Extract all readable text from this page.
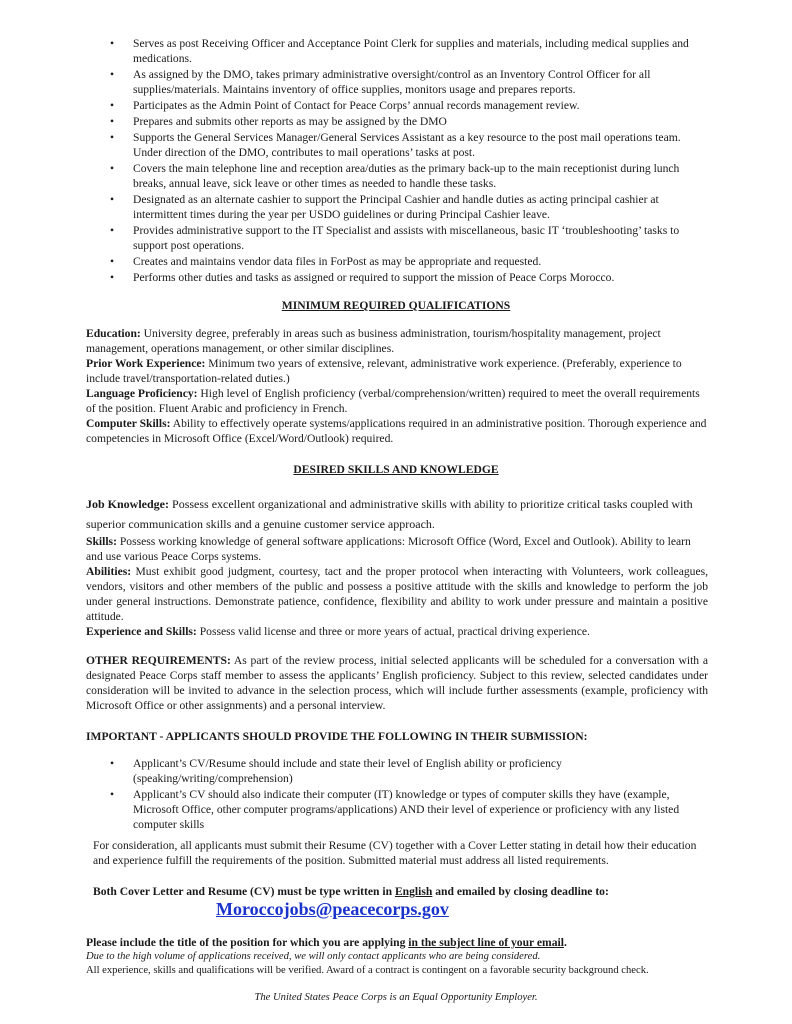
• Serves as post Receiving Officer and Acceptance Point Clerk for supplies and materials, including medical supplies and medications.
• As assigned by the DMO, takes primary administrative oversight/control as an Inventory Control Officer for all supplies/materials. Maintains inventory of office supplies, monitors usage and prepares reports.
• Participates as the Admin Point of Contact for Peace Corps’ annual records management review.
• Prepares and submits other reports as may be assigned by the DMO
• Supports the General Services Manager/General Services Assistant as a key resource to the post mail operations team. Under direction of the DMO, contributes to mail operations’ tasks at post.
• Covers the main telephone line and reception area/duties as the primary back-up to the main receptionist during lunch breaks, annual leave, sick leave or other times as needed to handle these tasks.
• Designated as an alternate cashier to support the Principal Cashier and handle duties as acting principal cashier at intermittent times during the year per USDO guidelines or during Principal Cashier leave.
• Provides administrative support to the IT Specialist and assists with miscellaneous, basic IT ‘troubleshooting’ tasks to support post operations.
• Creates and maintains vendor data files in ForPost as may be appropriate and requested.
• Performs other duties and tasks as assigned or required to support the mission of Peace Corps Morocco.
MINIMUM REQUIRED QUALIFICATIONS

Education: University degree, preferably in areas such as business administration, tourism/hospitality management, project management, operations management, or other similar disciplines.

Prior Work Experience: Minimum two years of extensive, relevant, administrative work experience. (Preferably, experience to include travel/transportation-related duties.)

Language Proficiency: High level of English proficiency (verbal/comprehension/written) required to meet the overall requirements of the position. Fluent Arabic and proficiency in French.

Computer Skills: Ability to effectively operate systems/applications required in an administrative position. Thorough experience and competencies in Microsoft Office (Excel/Word/Outlook) required.

DESIRED SKILLS AND KNOWLEDGE

Job Knowledge: Possess excellent organizational and administrative skills with ability to prioritize critical tasks coupled with superior communication skills and a genuine customer service approach.

Skills: Possess working knowledge of general software applications: Microsoft Office (Word, Excel and Outlook). Ability to learn and use various Peace Corps systems.

Abilities: Must exhibit good judgment, courtesy, tact and the proper protocol when interacting with Volunteers, work colleagues, vendors, visitors and other members of the public and possess a positive attitude with the skills and knowledge to perform the job under general instructions. Demonstrate patience, confidence, flexibility and ability to work under pressure and maintain a positive attitude.

Experience and Skills: Possess valid license and three or more years of actual, practical driving experience.

OTHER REQUIREMENTS: As part of the review process, initial selected applicants will be scheduled for a conversation with a designated Peace Corps staff member to assess the applicants’ English proficiency. Subject to this review, selected candidates under consideration will be invited to advance in the selection process, which will include further assessments (example, proficiency with Microsoft Office or other assignments) and a personal interview.
IMPORTANT - APPLICANTS SHOULD PROVIDE THE FOLLOWING IN THEIR SUBMISSION:
• Applicant’s CV/Resume should include and state their level of English ability or proficiency (speaking/writing/comprehension)
• Applicant’s CV should also indicate their computer (IT) knowledge or types of computer skills they have (example, Microsoft Office, other computer programs/applications) AND their level of experience or proficiency with any listed computer skills
For consideration, all applicants must submit their Resume (CV) together with a Cover Letter stating in detail how their education and experience fulfill the requirements of the position. Submitted material must address all listed requirements.
Both Cover Letter and Resume (CV) must be type written in English and emailed by closing deadline to:
Moroccojobs@peacecorps.gov
Please include the title of the position for which you are applying in the subject line of your email.
Due to the high volume of applications received, we will only contact applicants who are being considered.
All experience, skills and qualifications will be verified. Award of a contract is contingent on a favorable security background check.
The United States Peace Corps is an Equal Opportunity Employer.
